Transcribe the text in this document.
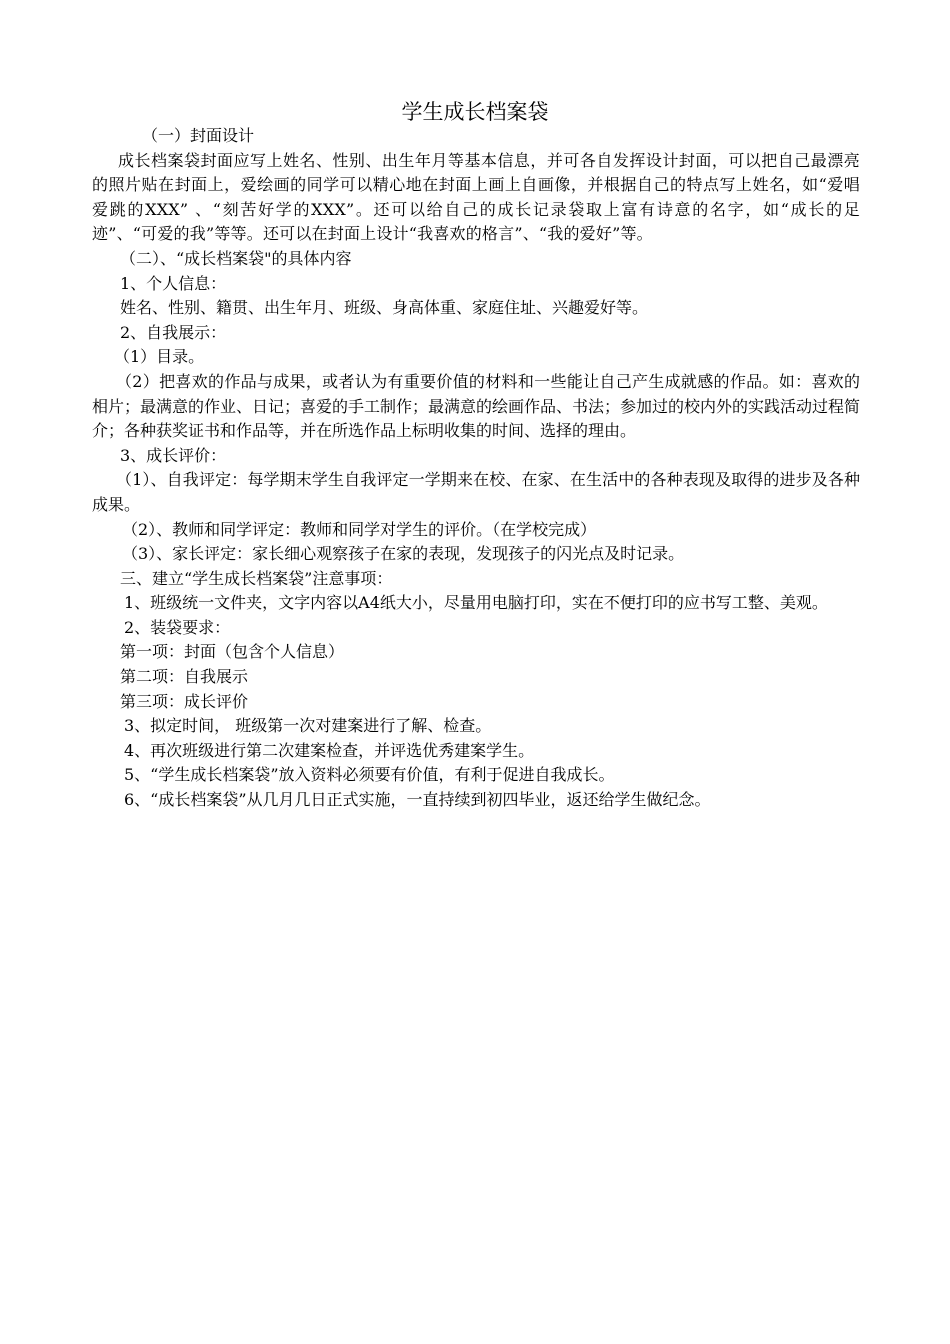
学生成长档案袋

（一）封面设计

成长档案袋封面应写上姓名、性别、出生年月等基本信息，并可各自发挥设计封面，可以把自己最漂亮的照片贴在封面上，爱绘画的同学可以精心地在封面上画上自画像，并根据自己的特点写上姓名，如“爱唱爱跳的XXX” 、“刻苦好学的XXX”。还可以给自己的成长记录袋取上富有诗意的名字，如“成长的足迹”、“可爱的我”等等。还可以在封面上设计“我喜欢的格言”、“我的爱好”等。

（二）、“成长档案袋"的具体内容

1、个人信息：

姓名、性别、籍贯、出生年月、班级、身高体重、家庭住址、兴趣爱好等。

2、自我展示：

（1）目录。

（2）把喜欢的作品与成果，或者认为有重要价值的材料和一些能让自己产生成就感的作品。如：喜欢的相片；最满意的作业、日记；喜爱的手工制作；最满意的绘画作品、书法；参加过的校内外的实践活动过程简介；各种获奖证书和作品等，并在所选作品上标明收集的时间、选择的理由。

3、成长评价：

（1）、自我评定：每学期末学生自我评定一学期来在校、在家、在生活中的各种表现及取得的进步及各种成果。

（2）、教师和同学评定：教师和同学对学生的评价。（在学校完成）

（3）、家长评定：家长细心观察孩子在家的表现，发现孩子的闪光点及时记录。

三、建立“学生成长档案袋”注意事项：

1、班级统一文件夹，文字内容以A4纸大小，尽量用电脑打印，实在不便打印的应书写工整、美观。

2、装袋要求：

第一项：封面（包含个人信息）

第二项：自我展示

第三项：成长评价

3、拟定时间， 班级第一次对建案进行了解、检查。

4、再次班级进行第二次建案检查，并评选优秀建案学生。

5、“学生成长档案袋”放入资料必须要有价值，有利于促进自我成长。

6、“成长档案袋”从几月几日正式实施，一直持续到初四毕业，返还给学生做纪念。
